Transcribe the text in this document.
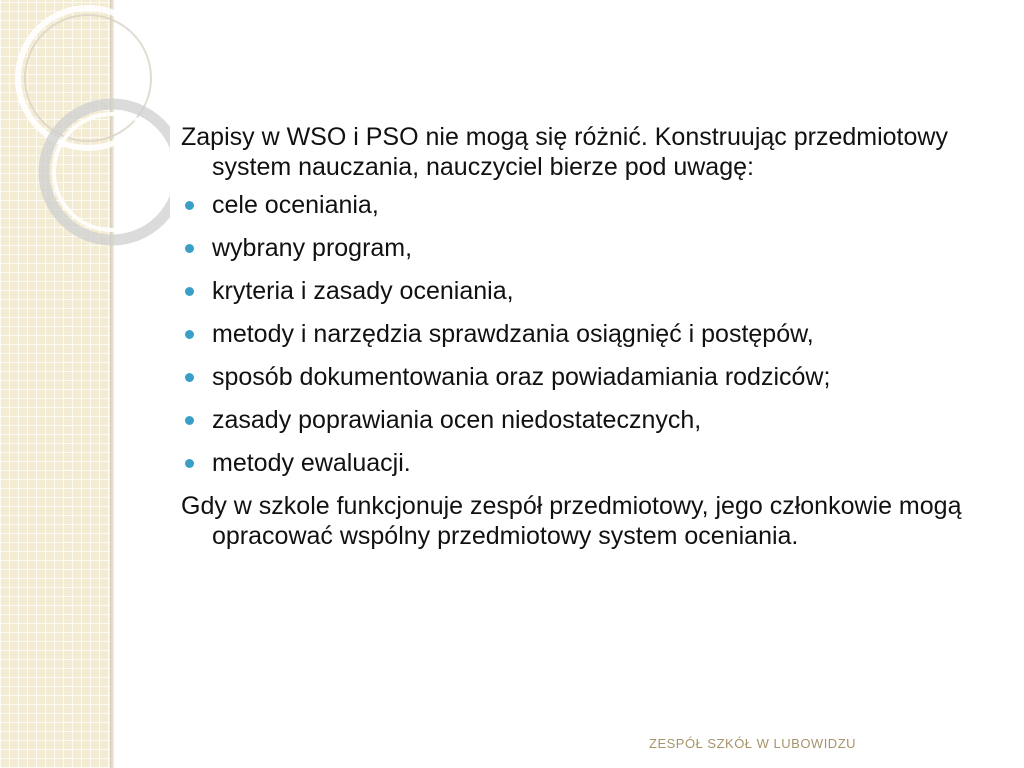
Zapisy w WSO i PSO nie mogą się różnić. Konstruując przedmiotowy system nauczania, nauczyciel bierze pod uwagę:

cele oceniania,
wybrany program,
kryteria i zasady oceniania,
metody i narzędzia sprawdzania osiągnięć i postępów,
sposób dokumentowania oraz powiadamiania rodziców;
zasady poprawiania ocen niedostatecznych,
metody ewaluacji.

Gdy w szkole funkcjonuje zespół przedmiotowy, jego członkowie mogą opracować wspólny przedmiotowy system oceniania.

ZESPÓŁ SZKÓŁ W LUBOWIDZU
